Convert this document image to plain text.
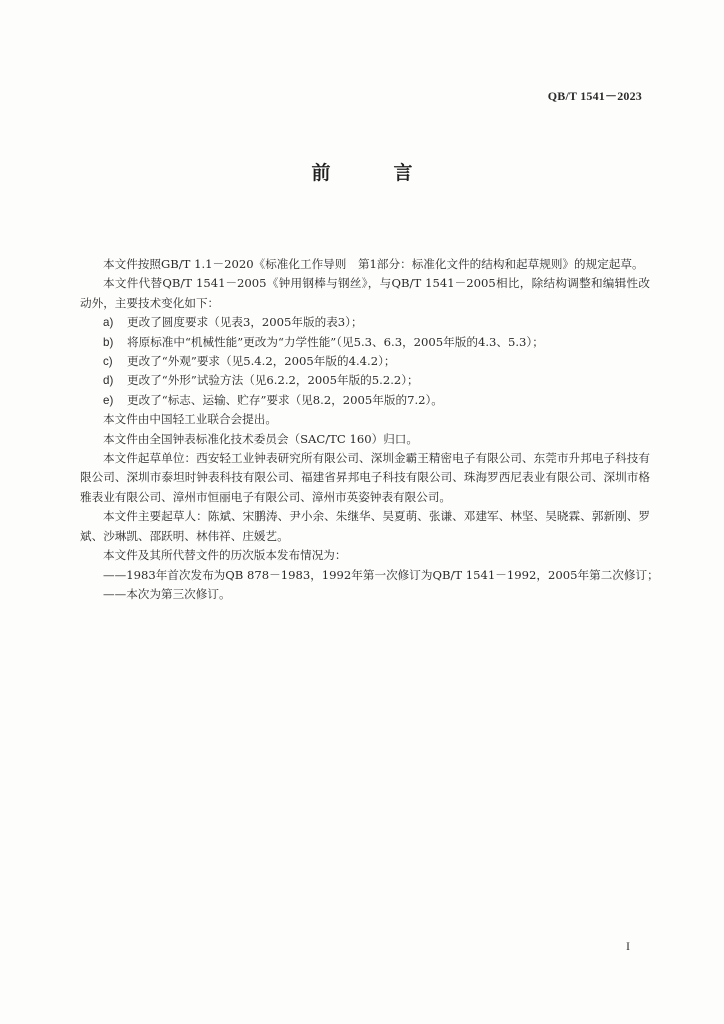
QB/T 1541－2023
前　言

本文件按照GB/T 1.1－2020《标准化工作导则　第1部分：标准化文件的结构和起草规则》的规定起草。

本文件代替QB/T 1541－2005《钟用钢棒与钢丝》，与QB/T 1541－2005相比，除结构调整和编辑性改动外，主要技术变化如下：

a) 更改了圆度要求（见表3，2005年版的表3）；

b) 将原标准中“机械性能”更改为“力学性能”（见5.3、6.3，2005年版的4.3、5.3）；

c) 更改了“外观”要求（见5.4.2，2005年版的4.4.2）；

d) 更改了“外形”试验方法（见6.2.2，2005年版的5.2.2）；

e) 更改了“标志、运输、贮存”要求（见8.2，2005年版的7.2）。

本文件由中国轻工业联合会提出。

本文件由全国钟表标准化技术委员会（SAC/TC 160）归口。

本文件起草单位：西安轻工业钟表研究所有限公司、深圳金霸王精密电子有限公司、东莞市升邦电子科技有限公司、深圳市泰坦时钟表科技有限公司、福建省昇邦电子科技有限公司、珠海罗西尼表业有限公司、深圳市格雅表业有限公司、漳州市恒丽电子有限公司、漳州市英姿钟表有限公司。

本文件主要起草人：陈斌、宋鹏涛、尹小余、朱继华、吴夏萌、张谦、邓建军、林坚、吴晓霖、郭新刚、罗斌、沙琳凯、邵跃明、林伟祥、庄媛艺。

本文件及其所代替文件的历次版本发布情况为：

——1983年首次发布为QB 878－1983，1992年第一次修订为QB/T 1541－1992，2005年第二次修订；

——本次为第三次修订。

I
